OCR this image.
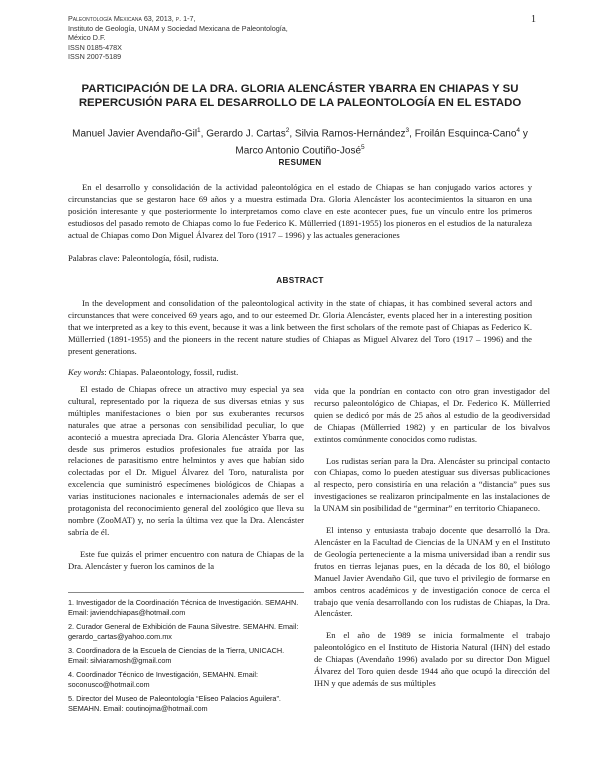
Paleontología Mexicana 63, 2013, p. 1-7,
Instituto de Geología, UNAM y Sociedad Mexicana de Paleontología,
México D.F.
ISSN 0185-478X
ISSN 2007-5189
1
PARTICIPACIÓN DE LA DRA. GLORIA ALENCÁSTER YBARRA EN CHIAPAS Y SU
REPERCUSIÓN PARA EL DESARROLLO DE LA PALEONTOLOGÍA EN EL ESTADO
Manuel Javier Avendaño-Gil$^1$, Gerardo J. Cartas$^2$, Silvia Ramos-Hernández$^3$, Froilán Esquinca-Cano$^4$ y
Marco Antonio Coutiño-José$^5$
RESUMEN

En el desarrollo y consolidación de la actividad paleontológica en el estado de Chiapas se han conjugado varios actores y circunstancias que se gestaron hace 69 años y a muestra estimada Dra. Gloria Alencáster los acontecimientos la situaron en una posición interesante y que posteriormente lo interpretamos como clave en este acontecer pues, fue un vínculo entre los primeros estudiosos del pasado remoto de Chiapas como lo fue Federico K. Müllerried (1891-1955) los pioneros en el estudios de la naturaleza actual de Chiapas como Don Miguel Álvarez del Toro (1917 – 1996) y las actuales generaciones

Palabras clave: Paleontología, fósil, rudista.
ABSTRACT

In the development and consolidation of the paleontological activity in the state of chiapas, it has combined several actors and circunstances that were conceived 69 years ago, and to our esteemed Dr. Gloria Alencáster, events placed her in a interesting position that we interpreted as a key to this event, because it was a link between the first scholars of the remote past of Chiapas as Federico K. Müllerried (1891-1955) and the pioneers in the recent nature studies of Chiapas as Miguel Alvarez del Toro (1917 – 1996) and the present generations.

Key words: Chiapas. Palaeontology, fossil, rudist.

El estado de Chiapas ofrece un atractivo muy especial ya sea cultural, representado por la riqueza de sus diversas etnias y sus múltiples manifestaciones o bien por sus exuberantes recursos naturales que atrae a personas con sensibilidad peculiar, lo que aconteció a muestra apreciada Dra. Gloria Alencáster Ybarra que, desde sus primeros estudios profesionales fue atraída por las relaciones de parasitismo entre helmintos y aves que habían sido colectadas por el Dr. Miguel Álvarez del Toro, naturalista por excelencia que suministró especímenes biológicos de Chiapas a varias instituciones nacionales e internacionales además de ser el protagonista del reconocimiento general del zoológico que lleva su nombre (ZooMAT) y, no sería la última vez que la Dra. Alencáster sabría de él.

Este fue quizás el primer encuentro con natura de Chiapas de la Dra. Alencáster y fueron los caminos de la

vida que la pondrían en contacto con otro gran investigador del recurso paleontológico de Chiapas, el Dr. Federico K. Müllerried quien se dedicó por más de 25 años al estudio de la geodiversidad de Chiapas (Müllerried 1982) y en particular de los bivalvos extintos comúnmente conocidos como rudistas.

Los rudistas serían para la Dra. Alencáster su principal contacto con Chiapas, como lo pueden atestiguar sus diversas publicaciones al respecto, pero consistiría en una relación a “distancia” pues sus investigaciones se realizaron principalmente en las instalaciones de la UNAM sin posibilidad de “germinar” en territorio Chiapaneco.

El intenso y entusiasta trabajo docente que desarrolló la Dra. Alencáster en la Facultad de Ciencias de la UNAM y en el Instituto de Geología perteneciente a la misma universidad iban a rendir sus frutos en tierras lejanas pues, en la década de los 80, el biólogo Manuel Javier Avendaño Gil, que tuvo el privilegio de formarse en ambos centros académicos y de investigación conoce de cerca el trabajo que venía desarrollando con los rudistas de Chiapas, la Dra. Alencáster.

En el año de 1989 se inicia formalmente el trabajo paleontológico en el Instituto de Historia Natural (IHN) del estado de Chiapas (Avendaño 1996) avalado por su director Don Miguel Álvarez del Toro quien desde 1944 año que ocupó la dirección del IHN y que además de sus múltiples

1. Investigador de la Coordinación Técnica de Investigación. SEMAHN. Email: javiendchiapas@hotmail.com
2. Curador General de Exhibición de Fauna Silvestre. SEMAHN. Email: gerardo_cartas@yahoo.com.mx
3. Coordinadora de la Escuela de Ciencias de la Tierra, UNICACH. Email: silviaramosh@gmail.com
4. Coordinador Técnico de Investigación, SEMAHN. Email: soconusco@hotmail.com
5. Director del Museo de Paleontología “Eliseo Palacios Aguilera”. SEMAHN. Email: coutinojma@hotmail.com
